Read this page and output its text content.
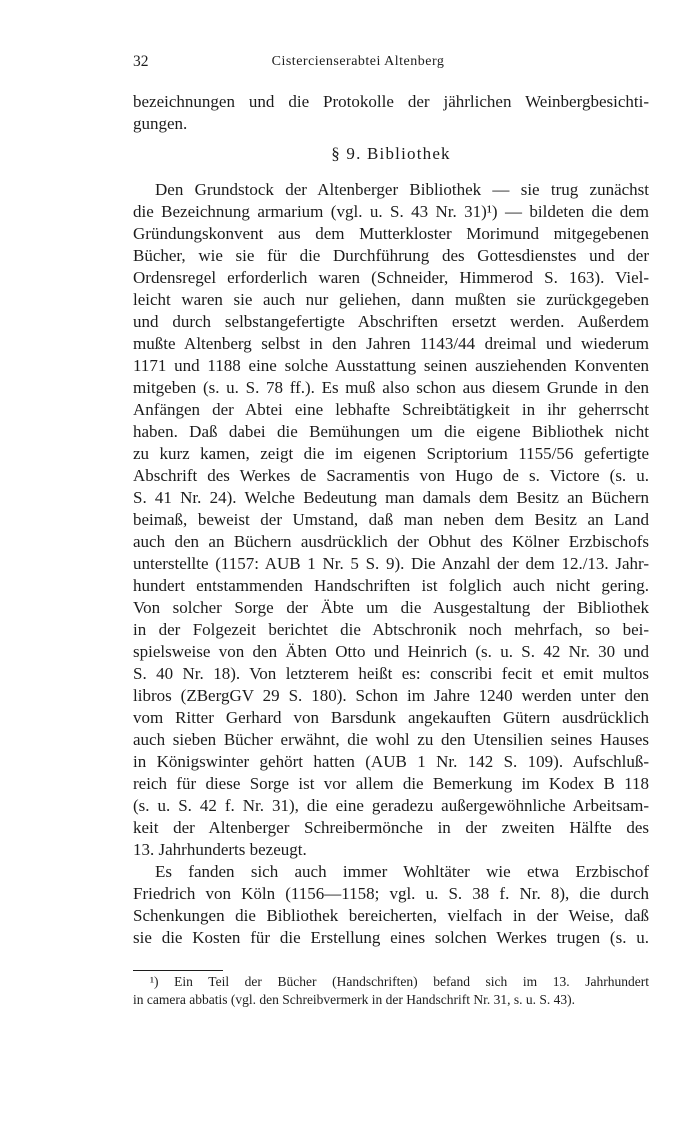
32	Cistercienserabtei Altenberg
bezeichnungen und die Protokolle der jährlichen Weinbergbesichti-
gungen.
§ 9. Bibliothek
Den Grundstock der Altenberger Bibliothek — sie trug zunächst
die Bezeichnung armarium (vgl. u. S. 43 Nr. 31)¹) — bildeten die dem
Gründungskonvent aus dem Mutterkloster Morimund mitgegebenen
Bücher, wie sie für die Durchführung des Gottesdienstes und der
Ordensregel erforderlich waren (Schneider, Himmerod S. 163). Viel-
leicht waren sie auch nur geliehen, dann mußten sie zurückgegeben
und durch selbstangefertigte Abschriften ersetzt werden. Außerdem
mußte Altenberg selbst in den Jahren 1143/44 dreimal und wiederum
1171 und 1188 eine solche Ausstattung seinen ausziehenden Konventen
mitgeben (s. u. S. 78 ff.). Es muß also schon aus diesem Grunde in den
Anfängen der Abtei eine lebhafte Schreibtätigkeit in ihr geherrscht
haben. Daß dabei die Bemühungen um die eigene Bibliothek nicht
zu kurz kamen, zeigt die im eigenen Scriptorium 1155/56 gefertigte
Abschrift des Werkes de Sacramentis von Hugo de s. Victore (s. u.
S. 41 Nr. 24). Welche Bedeutung man damals dem Besitz an Büchern
beimaß, beweist der Umstand, daß man neben dem Besitz an Land
auch den an Büchern ausdrücklich der Obhut des Kölner Erzbischofs
unterstellte (1157: AUB 1 Nr. 5 S. 9). Die Anzahl der dem 12./13. Jahr-
hundert entstammenden Handschriften ist folglich auch nicht gering.
Von solcher Sorge der Äbte um die Ausgestaltung der Bibliothek
in der Folgezeit berichtet die Abtschronik noch mehrfach, so bei-
spielsweise von den Äbten Otto und Heinrich (s. u. S. 42 Nr. 30 und
S. 40 Nr. 18). Von letzterem heißt es: conscribi fecit et emit multos
libros (ZBergGV 29 S. 180). Schon im Jahre 1240 werden unter den
vom Ritter Gerhard von Barsdunk angekauften Gütern ausdrücklich
auch sieben Bücher erwähnt, die wohl zu den Utensilien seines Hauses
in Königswinter gehört hatten (AUB 1 Nr. 142 S. 109). Aufschluß-
reich für diese Sorge ist vor allem die Bemerkung im Kodex B 118
(s. u. S. 42 f. Nr. 31), die eine geradezu außergewöhnliche Arbeitsam-
keit der Altenberger Schreibermönche in der zweiten Hälfte des
13. Jahrhunderts bezeugt.
Es fanden sich auch immer Wohltäter wie etwa Erzbischof
Friedrich von Köln (1156—1158; vgl. u. S. 38 f. Nr. 8), die durch
Schenkungen die Bibliothek bereicherten, vielfach in der Weise, daß
sie die Kosten für die Erstellung eines solchen Werkes trugen (s. u.
¹) Ein Teil der Bücher (Handschriften) befand sich im 13. Jahrhundert
in camera abbatis (vgl. den Schreibvermerk in der Handschrift Nr. 31, s. u. S. 43).
